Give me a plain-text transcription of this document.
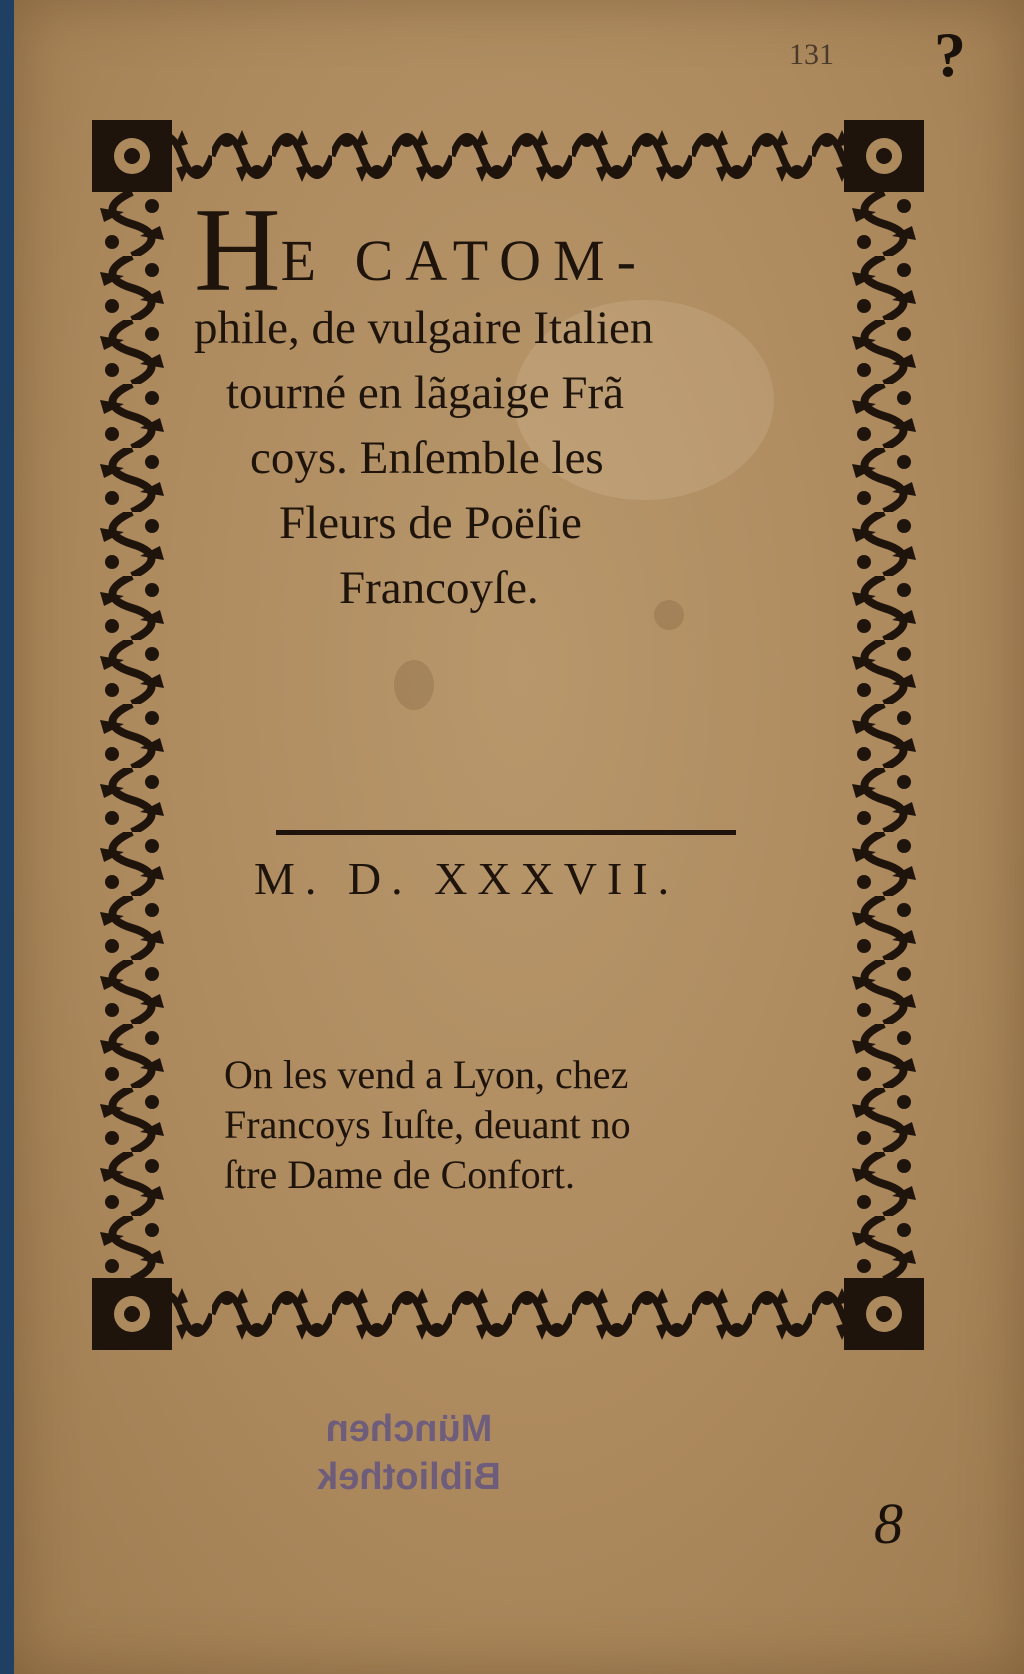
131 ?
HE CATOM-
phile, de vulgaire Italien
tourné en lãgaige Frã
coys. Enſemble les
Fleurs de Poëſie
Francoyſe.
M. D. XXXVII.
On les vend a Lyon, chez
Francoys Iuſte, deuant no
ſtre Dame de Confort.
München
Bibliothek
8
